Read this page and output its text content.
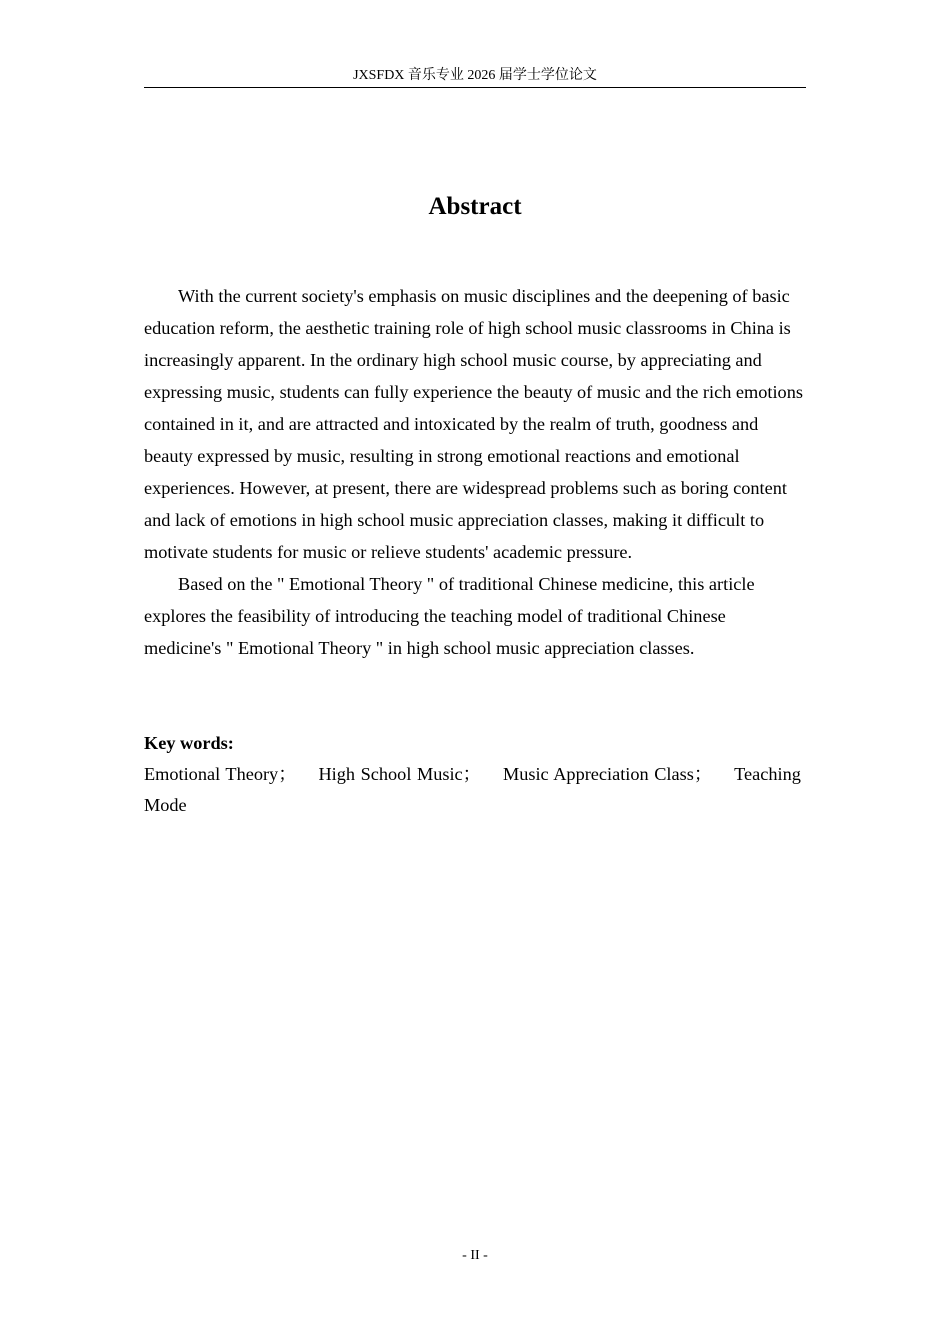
JXSFDX 音乐专业 2026 届学士学位论文
Abstract

With the current society's emphasis on music disciplines and the deepening of basic education reform, the aesthetic training role of high school music classrooms in China is increasingly apparent. In the ordinary high school music course, by appreciating and expressing music, students can fully experience the beauty of music and the rich emotions contained in it, and are attracted and intoxicated by the realm of truth, goodness and beauty expressed by music, resulting in strong emotional reactions and emotional experiences. However, at present, there are widespread problems such as boring content and lack of emotions in high school music appreciation classes, making it difficult to motivate students for music or relieve students' academic pressure.

Based on the " Emotional Theory " of traditional Chinese medicine, this article explores the feasibility of introducing the teaching model of traditional Chinese medicine's " Emotional Theory " in high school music appreciation classes.

Key words:

Emotional Theory； High School Music； Music Appreciation Class； Teaching Mode

- II -
